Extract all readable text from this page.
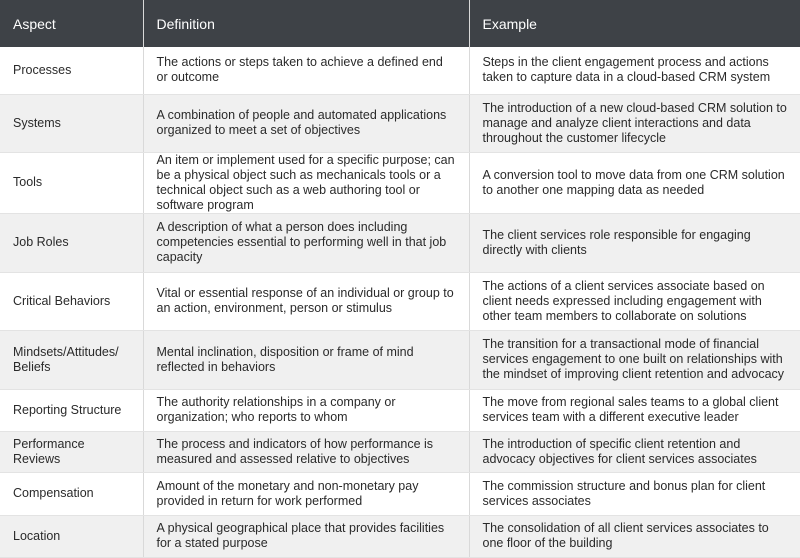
Aspect	Definition	Example
Processes	The actions or steps taken to achieve a defined end or outcome	Steps in the client engagement process and actions taken to capture data in a cloud-based CRM system
Systems	A combination of people and automated applications organized to meet a set of objectives	The introduction of a new cloud-based CRM solution to manage and analyze client interactions and data throughout the customer lifecycle
Tools	An item or implement used for a specific purpose; can be a physical object such as mechanicals tools or a technical object such as a web authoring tool or software program	A conversion tool to move data from one CRM solution to another one mapping data as needed
Job Roles	A description of what a person does including competencies essential to performing well in that job capacity	The client services role responsible for engaging directly with clients
Critical Behaviors	Vital or essential response of an individual or group to an action, environment, person or stimulus	The actions of a client services associate based on client needs expressed including engagement with other team members to collaborate on solutions
Mindsets/Attitudes/ Beliefs	Mental inclination, disposition or frame of mind reflected in behaviors	The transition for a transactional mode of financial services engagement to one built on relationships with the mindset of improving client retention and advocacy
Reporting Structure	The authority relationships in a company or organization; who reports to whom	The move from regional sales teams to a global client services team with a different executive leader
Performance Reviews	The process and indicators of how performance is measured and assessed relative to objectives	The introduction of specific client retention and advocacy objectives for client services associates
Compensation	Amount of the monetary and non-monetary pay provided in return for work performed	The commission structure and bonus plan for client services associates
Location	A physical geographical place that provides facilities for a stated purpose	The consolidation of all client services associates to one floor of the building
